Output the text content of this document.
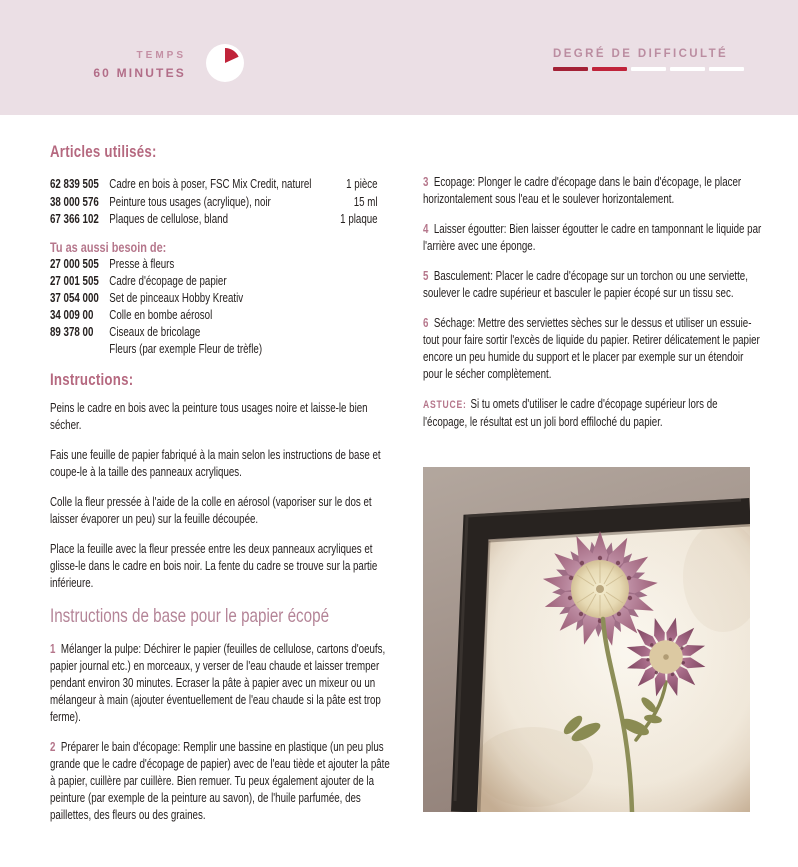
TEMPS
60 MINUTES
DEGRÉ DE DIFFICULTÉ
Articles utilisés:
62 839 505 Cadre en bois à poser, FSC Mix Credit, naturel	1 pièce
38 000 576 Peinture tous usages (acrylique), noir	15 ml
67 366 102 Plaques de cellulose, bland	1 plaque
Tu as aussi besoin de:
27 000 505 Presse à fleurs
27 001 505 Cadre d'écopage de papier
37 054 000 Set de pinceaux Hobby Kreativ
34 009 00	Colle en bombe aérosol
89 378 00	Ciseaux de bricolage
Fleurs (par exemple Fleur de trèfle)
Instructions:

Peins le cadre en bois avec la peinture tous usages noire et laisse-le bien sécher.

Fais une feuille de papier fabriqué à la main selon les instructions de base et coupe-le à la taille des panneaux acryliques.

Colle la fleur pressée à l'aide de la colle en aérosol (vaporiser sur le dos et laisser évaporer un peu) sur la feuille découpée.

Place la feuille avec la fleur pressée entre les deux panneaux acryliques et glisse-le dans le cadre en bois noir. La fente du cadre se trouve sur la partie inférieure.

Instructions de base pour le papier écopé

1 Mélanger la pulpe: Déchirer le papier (feuilles de cellulose, cartons d'oeufs, papier journal etc.) en morceaux, y verser de l'eau chaude et laisser tremper pendant environ 30 minutes. Ecraser la pâte à papier avec un mixeur ou un mélangeur à main (ajouter éventuellement de l'eau chaude si la pâte est trop ferme).

2 Préparer le bain d'écopage: Remplir une bassine en plastique (un peu plus grande que le cadre d'écopage de papier) avec de l'eau tiède et ajouter la pâte à papier, cuillère par cuillère. Bien remuer. Tu peux également ajouter de la peinture (par exemple de la peinture au savon), de l'huile parfumée, des paillettes, des fleurs ou des graines.

3 Ecopage: Plonger le cadre d'écopage dans le bain d'écopage, le placer horizontalement sous l'eau et le soulever horizontalement.

4 Laisser égoutter: Bien laisser égoutter le cadre en tamponnant le liquide par l'arrière avec une éponge.

5 Basculement: Placer le cadre d'écopage sur un torchon ou une serviette, soulever le cadre supérieur et basculer le papier écopé sur un tissu sec.

6 Séchage: Mettre des serviettes sèches sur le dessus et utiliser un essuie-tout pour faire sortir l'excès de liquide du papier. Retirer délicatement le papier encore un peu humide du support et le placer par exemple sur un étendoir pour le sécher complètement.

ASTUCE: Si tu omets d'utiliser le cadre d'écopage supérieur lors de l'écopage, le résultat est un joli bord effiloché du papier.
